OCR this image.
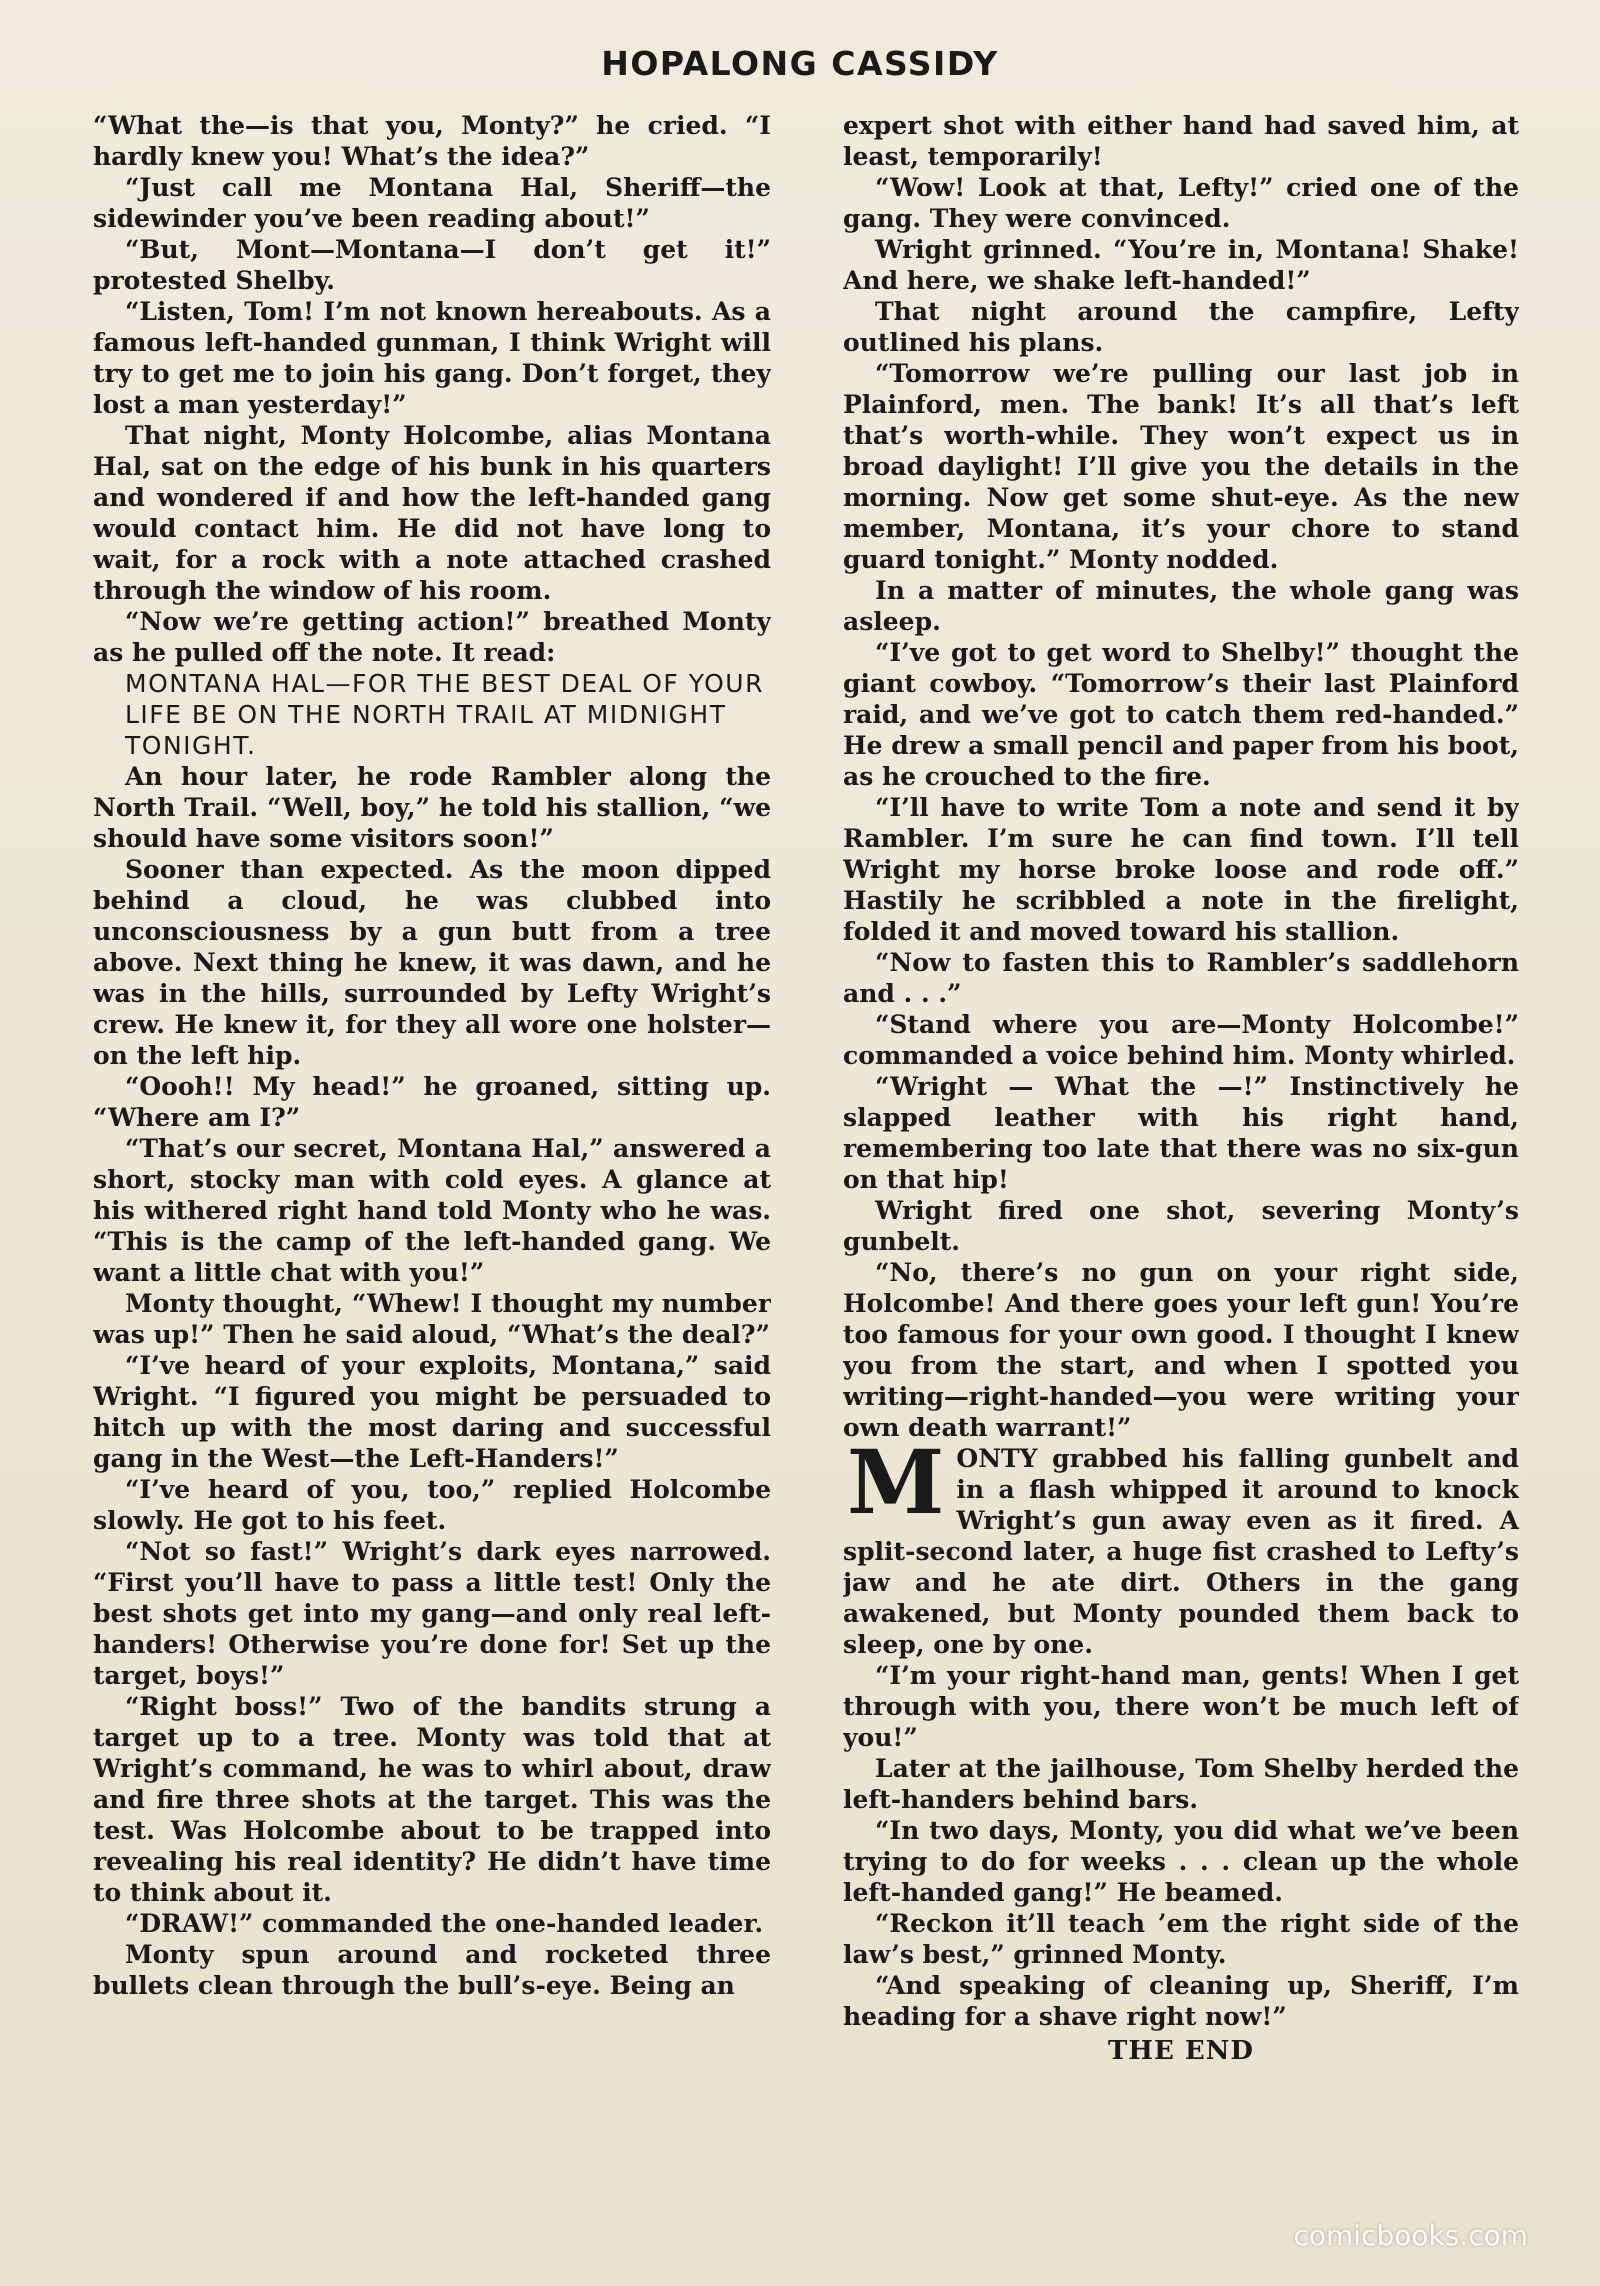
HOPALONG CASSIDY

“What the—is that you, Monty?” he cried. “I hardly knew you! What’s the idea?”

“Just call me Montana Hal, Sheriff—the sidewinder you’ve been reading about!”

“But, Mont—Montana—I don’t get it!” protested Shelby.

“Listen, Tom! I’m not known hereabouts. As a famous left-handed gunman, I think Wright will try to get me to join his gang. Don’t forget, they lost a man yesterday!”

That night, Monty Holcombe, alias Montana Hal, sat on the edge of his bunk in his quarters and wondered if and how the left-handed gang would contact him. He did not have long to wait, for a rock with a note attached crashed through the window of his room.

“Now we’re getting action!” breathed Monty as he pulled off the note. It read:

MONTANA HAL—FOR THE BEST DEAL OF YOUR LIFE BE ON THE NORTH TRAIL AT MIDNIGHT TONIGHT.

An hour later, he rode Rambler along the North Trail. “Well, boy,” he told his stallion, “we should have some visitors soon!”

Sooner than expected. As the moon dipped behind a cloud, he was clubbed into unconsciousness by a gun butt from a tree above. Next thing he knew, it was dawn, and he was in the hills, surrounded by Lefty Wright’s crew. He knew it, for they all wore one holster—on the left hip.

“Oooh!! My head!” he groaned, sitting up. “Where am I?”

“That’s our secret, Montana Hal,” answered a short, stocky man with cold eyes. A glance at his withered right hand told Monty who he was. “This is the camp of the left-handed gang. We want a little chat with you!”

Monty thought, “Whew! I thought my number was up!” Then he said aloud, “What’s the deal?”

“I’ve heard of your exploits, Montana,” said Wright. “I figured you might be persuaded to hitch up with the most daring and successful gang in the West—the Left-Handers!”

“I’ve heard of you, too,” replied Holcombe slowly. He got to his feet.

“Not so fast!” Wright’s dark eyes narrowed. “First you’ll have to pass a little test! Only the best shots get into my gang—and only real left-handers! Otherwise you’re done for! Set up the target, boys!”

“Right boss!” Two of the bandits strung a target up to a tree. Monty was told that at Wright’s command, he was to whirl about, draw and fire three shots at the target. This was the test. Was Holcombe about to be trapped into revealing his real identity? He didn’t have time to think about it.

“DRAW!” commanded the one-handed leader.

Monty spun around and rocketed three bullets clean through the bull’s-eye. Being an

expert shot with either hand had saved him, at least, temporarily!

“Wow! Look at that, Lefty!” cried one of the gang. They were convinced.

Wright grinned. “You’re in, Montana! Shake! And here, we shake left-handed!”

That night around the campfire, Lefty outlined his plans.

“Tomorrow we’re pulling our last job in Plainford, men. The bank! It’s all that’s left that’s worth-while. They won’t expect us in broad daylight! I’ll give you the details in the morning. Now get some shut-eye. As the new member, Montana, it’s your chore to stand guard tonight.” Monty nodded.

In a matter of minutes, the whole gang was asleep.

“I’ve got to get word to Shelby!” thought the giant cowboy. “Tomorrow’s their last Plainford raid, and we’ve got to catch them red-handed.” He drew a small pencil and paper from his boot, as he crouched to the fire.

“I’ll have to write Tom a note and send it by Rambler. I’m sure he can find town. I’ll tell Wright my horse broke loose and rode off.” Hastily he scribbled a note in the firelight, folded it and moved toward his stallion.

“Now to fasten this to Rambler’s saddlehorn and . . .”

“Stand where you are—Monty Holcombe!” commanded a voice behind him. Monty whirled.

“Wright — What the —!” Instinctively he slapped leather with his right hand, remembering too late that there was no six-gun on that hip!

Wright fired one shot, severing Monty’s gunbelt.

“No, there’s no gun on your right side, Holcombe! And there goes your left gun! You’re too famous for your own good. I thought I knew you from the start, and when I spotted you writing—right-handed—you were writing your own death warrant!”

MONTY grabbed his falling gunbelt and in a flash whipped it around to knock Wright’s gun away even as it fired. A split-second later, a huge fist crashed to Lefty’s jaw and he ate dirt. Others in the gang awakened, but Monty pounded them back to sleep, one by one.

“I’m your right-hand man, gents! When I get through with you, there won’t be much left of you!”

Later at the jailhouse, Tom Shelby herded the left-handers behind bars.

“In two days, Monty, you did what we’ve been trying to do for weeks . . . clean up the whole left-handed gang!” He beamed.

“Reckon it’ll teach ’em the right side of the law’s best,” grinned Monty.

“And speaking of cleaning up, Sheriff, I’m heading for a shave right now!”

THE END
comicbooks.com
